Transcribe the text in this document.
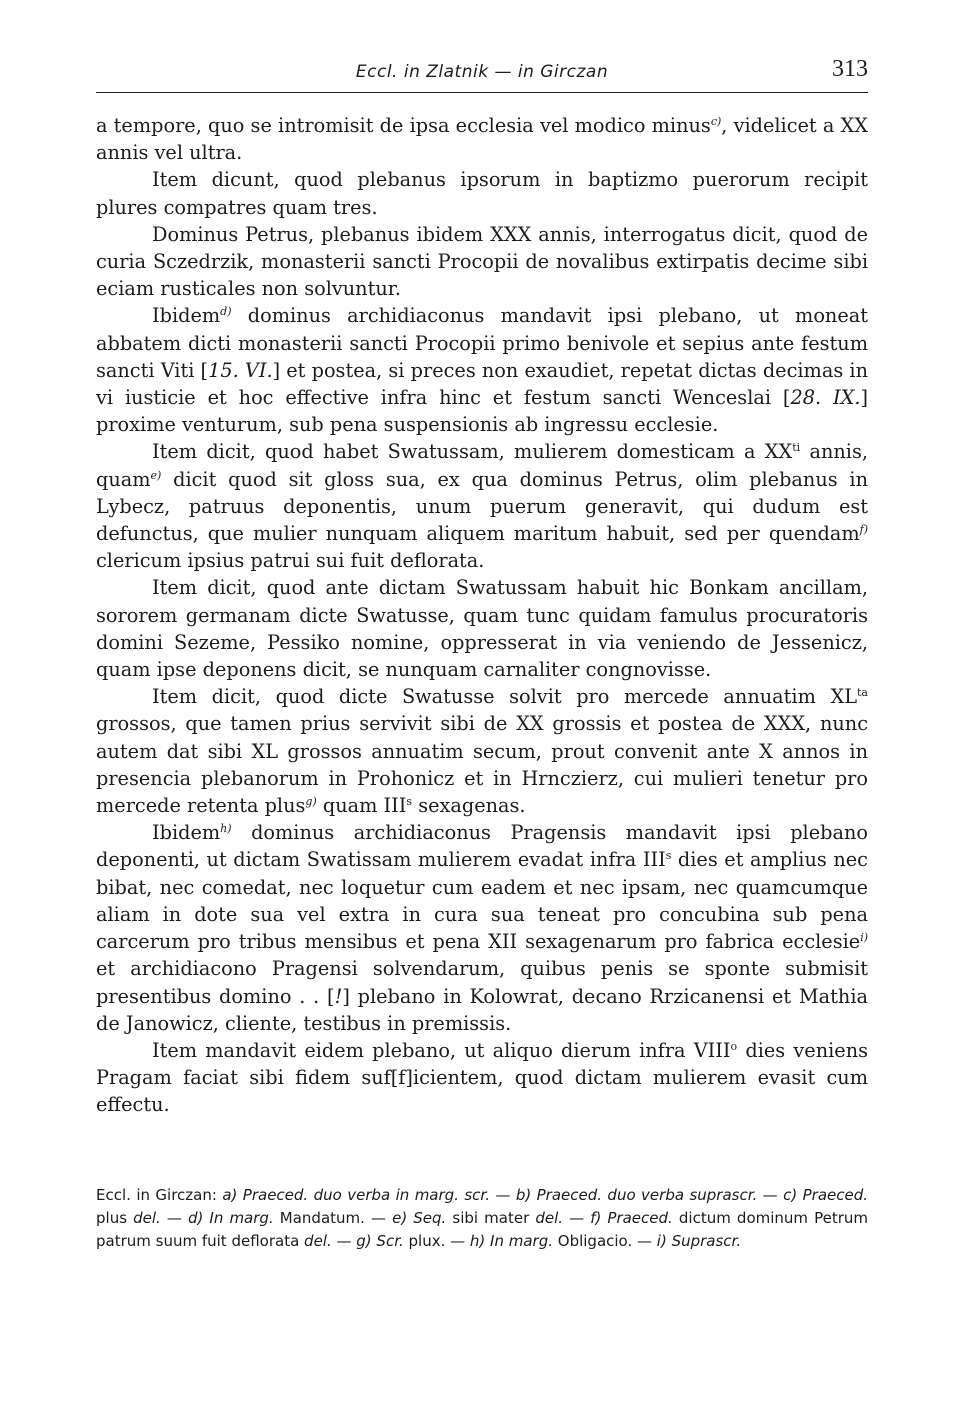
Eccl. in Zlatnik — in Girczan	313

a tempore, quo se intromisit de ipsa ecclesia vel modico minus$^{c)}$, videlicet a XX annis vel ultra.

Item dicunt, quod plebanus ipsorum in baptizmo puerorum recipit plures compatres quam tres.

Dominus Petrus, plebanus ibidem XXX annis, interrogatus dicit, quod de curia Sczedrzik, monasterii sancti Procopii de novalibus extirpatis decime sibi eciam rusticales non solvuntur.

Ibidem$^{d)}$ dominus archidiaconus mandavit ipsi plebano, ut moneat abbatem dicti monasterii sancti Procopii primo benivole et sepius ante festum sancti Viti [15. VI.] et postea, si preces non exaudiet, repetat dictas decimas in vi iusticie et hoc effective infra hinc et festum sancti Wenceslai [28. IX.] proxime venturum, sub pena suspensionis ab ingressu ecclesie.

Item dicit, quod habet Swatussam, mulierem domesticam a $XX^{ti}$ annis, quam$^{e)}$ dicit quod sit gloss sua, ex qua dominus Petrus, olim plebanus in Lybecz, patruus deponentis, unum puerum generavit, qui dudum est defunctus, que mulier nunquam aliquem maritum habuit, sed per quendam$^{f)}$ clericum ipsius patrui sui fuit deflorata.

Item dicit, quod ante dictam Swatussam habuit hic Bonkam ancillam, sororem germanam dicte Swatusse, quam tunc quidam famulus procuratoris domini Sezeme, Pessiko nomine, oppresserat in via veniendo de Jessenicz, quam ipse deponens dicit, se nunquam carnaliter congnovisse.

Item dicit, quod dicte Swatusse solvit pro mercede annuatim $XL^{ta}$ grossos, que tamen prius servivit sibi de XX grossis et postea de XXX, nunc autem dat sibi XL grossos annuatim secum, prout convenit ante X annos in presencia plebanorum in Prohonicz et in Hrnczierz, cui mulieri tenetur pro mercede retenta plus$^{g)}$ quam III$^s$ sexagenas.

Ibidem$^{h)}$ dominus archidiaconus Pragensis mandavit ipsi plebano deponenti, ut dictam Swatissam mulierem evadat infra III$^s$ dies et amplius nec bibat, nec comedat, nec loquetur cum eadem et nec ipsam, nec quamcumque aliam in dote sua vel extra in cura sua teneat pro concubina sub pena carcerum pro tribus mensibus et pena XII sexagenarum pro fabrica ecclesie$^{i)}$ et archidiacono Pragensi solvendarum, quibus penis se sponte submisit presentibus domino . . [!] plebano in Kolowrat, decano Rrzicanensi et Mathia de Janowicz, cliente, testibus in premissis.

Item mandavit eidem plebano, ut aliquo dierum infra VIII$^o$ dies veniens Pragam faciat sibi fidem suf[f]icientem, quod dictam mulierem evasit cum effectu.

Eccl. in Girczan: a) Praeced. duo verba in marg. scr. — b) Praeced. duo verba suprascr. — c) Praeced. plus del. — d) In marg. Mandatum. — e) Seq. sibi mater del. — f) Praeced. dictum dominum Petrum patrum suum fuit deflorata del. — g) Scr. plux. — h) In marg. Obligacio. — i) Suprascr.
